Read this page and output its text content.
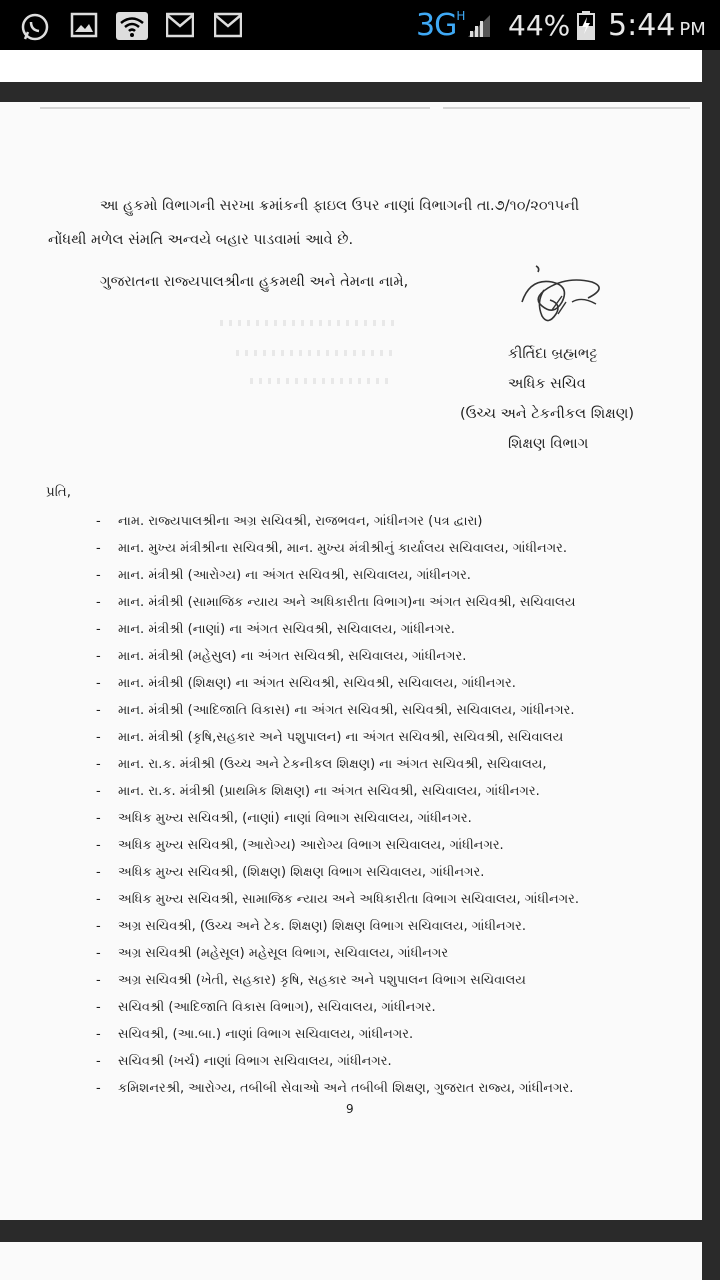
3G H 44% 5:44 PM
આ હુકમો વિભાગની સરખા ક્રમાંકની ફાઇલ ઉપર નાણાં વિભાગની તા.૭/૧૦/૨૦૧૫ની
નોંધથી મળેલ સંમતિ અન્વયે બહાર પાડવામાં આવે છે.
ગુજરાતના રાજ્યપાલશ્રીના હુકમથી અને તેમના નામે,
કીર્તિદા બ્રહ્મભટ્ટ
અધિક સચિવ
(ઉચ્ચ અને ટેકનીકલ શિક્ષણ)
શિક્ષણ વિભાગ
પ્રતિ,
-	નામ. રાજ્યપાલશ્રીના અગ્ર સચિવશ્રી, રાજભવન, ગાંધીનગર (પત્ર દ્વારા)
-	માન. મુખ્ય મંત્રીશ્રીના સચિવશ્રી, માન. મુખ્ય મંત્રીશ્રીનું કાર્યાલય સચિવાલય, ગાંધીનગર.
-	માન. મંત્રીશ્રી (આરોગ્ય) ના અંગત સચિવશ્રી, સચિવાલય, ગાંધીનગર.
-	માન. મંત્રીશ્રી (સામાજિક ન્યાય અને અધિકારીતા વિભાગ)ના અંગત સચિવશ્રી, સચિવાલય
-	માન. મંત્રીશ્રી (નાણાં) ના અંગત સચિવશ્રી, સચિવાલય, ગાંધીનગર.
-	માન. મંત્રીશ્રી (મહેસુલ) ના અંગત સચિવશ્રી, સચિવાલય, ગાંધીનગર.
-	માન. મંત્રીશ્રી (શિક્ષણ) ના અંગત સચિવશ્રી, સચિવશ્રી, સચિવાલય, ગાંધીનગર.
-	માન. મંત્રીશ્રી (આદિજાતિ વિકાસ) ના અંગત સચિવશ્રી, સચિવશ્રી, સચિવાલય, ગાંધીનગર.
-	માન. મંત્રીશ્રી (કૃષિ,સહકાર અને પશુપાલન) ના અંગત સચિવશ્રી, સચિવશ્રી, સચિવાલય
-	માન. રા.ક. મંત્રીશ્રી (ઉચ્ચ અને ટેકનીકલ શિક્ષણ) ના અંગત સચિવશ્રી, સચિવાલય,
-	માન. રા.ક. મંત્રીશ્રી (પ્રાથમિક શિક્ષણ) ના અંગત સચિવશ્રી, સચિવાલય, ગાંધીનગર.
-	અધિક મુખ્ય સચિવશ્રી, (નાણાં) નાણાં વિભાગ સચિવાલય, ગાંધીનગર.
-	અધિક મુખ્ય સચિવશ્રી, (આરોગ્ય) આરોગ્ય વિભાગ સચિવાલય, ગાંધીનગર.
-	અધિક મુખ્ય સચિવશ્રી, (શિક્ષણ) શિક્ષણ વિભાગ સચિવાલય, ગાંધીનગર.
-	અધિક મુખ્ય સચિવશ્રી, સામાજિક ન્યાય અને અધિકારીતા વિભાગ સચિવાલય, ગાંધીનગર.
-	અગ્ર સચિવશ્રી, (ઉચ્ચ અને ટેક. શિક્ષણ) શિક્ષણ વિભાગ સચિવાલય, ગાંધીનગર.
-	અગ્ર સચિવશ્રી (મહેસૂલ) મહેસૂલ વિભાગ, સચિવાલય, ગાંધીનગર
-	અગ્ર સચિવશ્રી (ખેતી, સહકાર) કૃષિ, સહકાર અને પશુપાલન વિભાગ સચિવાલય
-	સચિવશ્રી (આદિજાતિ વિકાસ વિભાગ), સચિવાલય, ગાંધીનગર.
-	સચિવશ્રી, (આ.બા.) નાણાં વિભાગ સચિવાલય, ગાંધીનગર.
-	સચિવશ્રી (ખર્ચ) નાણાં વિભાગ સચિવાલય, ગાંધીનગર.
-	કમિશનરશ્રી, આરોગ્ય, તબીબી સેવાઓ અને તબીબી શિક્ષણ, ગુજરાત રાજ્ય, ગાંધીનગર.
9
